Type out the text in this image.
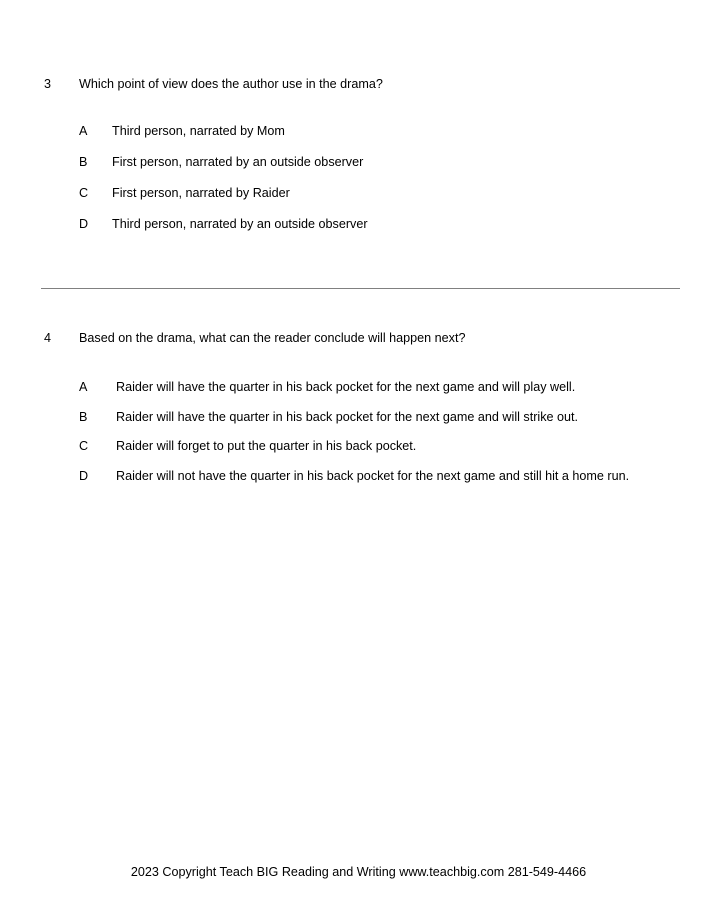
3 Which point of view does the author use in the drama?
A Third person, narrated by Mom
B First person, narrated by an outside observer
C First person, narrated by Raider
D Third person, narrated by an outside observer
4 Based on the drama, what can the reader conclude will happen next?
A Raider will have the quarter in his back pocket for the next game and will play well.
B Raider will have the quarter in his back pocket for the next game and will strike out.
C Raider will forget to put the quarter in his back pocket.
D Raider will not have the quarter in his back pocket for the next game and still hit a home run.
2023 Copyright Teach BIG Reading and Writing www.teachbig.com 281-549-4466
